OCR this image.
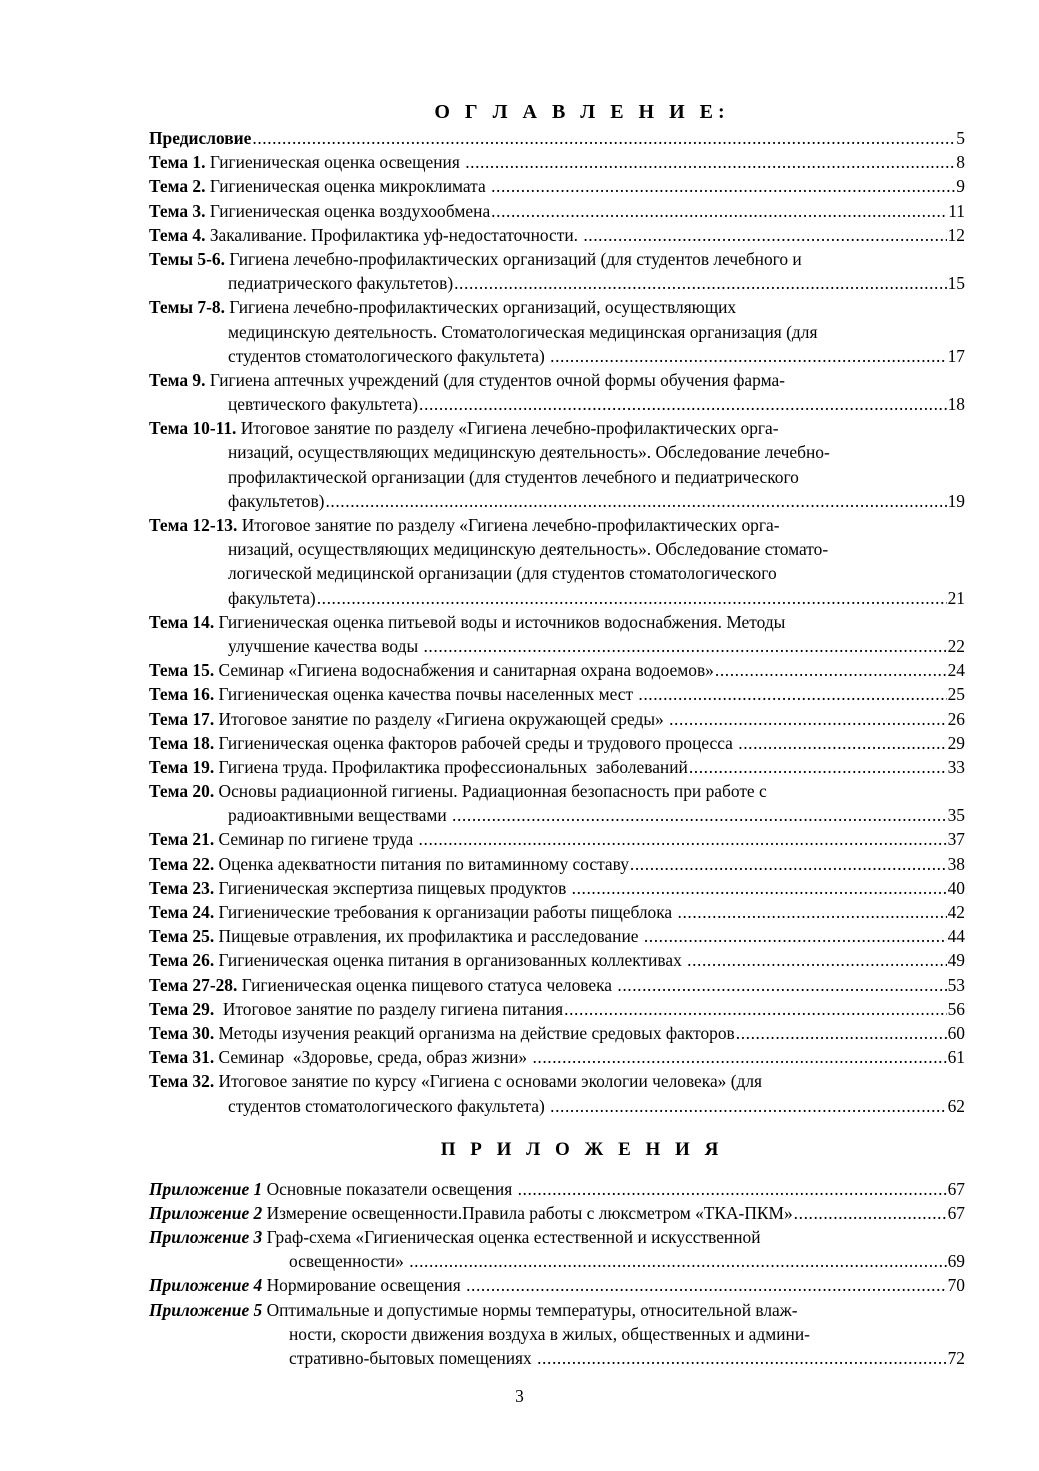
О Г Л А В Л Е Н И Е:
Предисловие .....	5
Тема 1. Гигиеническая оценка освещения .....	8
Тема 2. Гигиеническая оценка микроклимата .....	9
Тема 3. Гигиеническая оценка воздухообмена .....	11
Тема 4. Закаливание. Профилактика уф-недостаточности. .....	12
Темы 5-6. Гигиена лечебно-профилактических организаций (для студентов лечебного и
педиатрического факультетов) .....	15
Темы 7-8. Гигиена лечебно-профилактических организаций, осуществляющих
медицинскую деятельность. Стоматологическая медицинская организация (для
студентов стоматологического факультета) .....	17
Тема 9. Гигиена аптечных учреждений (для студентов очной формы обучения фарма-
цевтического факультета) .....	18
Тема 10-11. Итоговое занятие по разделу «Гигиена лечебно-профилактических орга-
низаций, осуществляющих медицинскую деятельность». Обследование лечебно-
профилактической организации (для студентов лечебного и педиатрического
факультетов) .....	19
Тема 12-13. Итоговое занятие по разделу «Гигиена лечебно-профилактических орга-
низаций, осуществляющих медицинскую деятельность». Обследование стомато-
логической медицинской организации (для студентов стоматологического
факультета) .....	21
Тема 14. Гигиеническая оценка питьевой воды и источников водоснабжения. Методы
улучшение качества воды .....	22
Тема 15. Семинар «Гигиена водоснабжения и санитарная охрана водоемов» .....	24
Тема 16. Гигиеническая оценка качества почвы населенных мест .....	25
Тема 17. Итоговое занятие по разделу «Гигиена окружающей среды» .....	26
Тема 18. Гигиеническая оценка факторов рабочей среды и трудового процесса .....	29
Тема 19. Гигиена труда. Профилактика профессиональных  заболеваний .....	33
Тема 20. Основы радиационной гигиены. Радиационная безопасность при работе с
радиоактивными веществами .....	35
Тема 21. Семинар по гигиене труда .....	37
Тема 22. Оценка адекватности питания по витаминному составу .....	38
Тема 23. Гигиеническая экспертиза пищевых продуктов .....	40
Тема 24. Гигиенические требования к организации работы пищеблока .....	42
Тема 25. Пищевые отравления, их профилактика и расследование .....	44
Тема 26. Гигиеническая оценка питания в организованных коллективах .....	49
Тема 27-28. Гигиеническая оценка пищевого статуса человека .....	53
Тема 29. Итоговое занятие по разделу гигиена питания .....	56
Тема 30. Методы изучения реакций организма на действие средовых факторов .....	60
Тема 31. Семинар  «Здоровье, среда, образ жизни» .....	61
Тема 32. Итоговое занятие по курсу «Гигиена с основами экологии человека» (для
студентов стоматологического факультета) .....	62
П Р И Л О Ж Е Н И Я
Приложение 1 Основные показатели освещения .....	67
Приложение 2 Измерение освещенности.Правила работы с люксметром «ТКА-ПКМ» .....	67
Приложение 3 Граф-схема «Гигиеническая оценка естественной и искусственной
освещенности» .....	69
Приложение 4 Нормирование освещения .....	70
Приложение 5 Оптимальные и допустимые нормы температуры, относительной влаж-
ности, скорости движения воздуха в жилых, общественных и админи-
стративно-бытовых помещениях .....	72
3
